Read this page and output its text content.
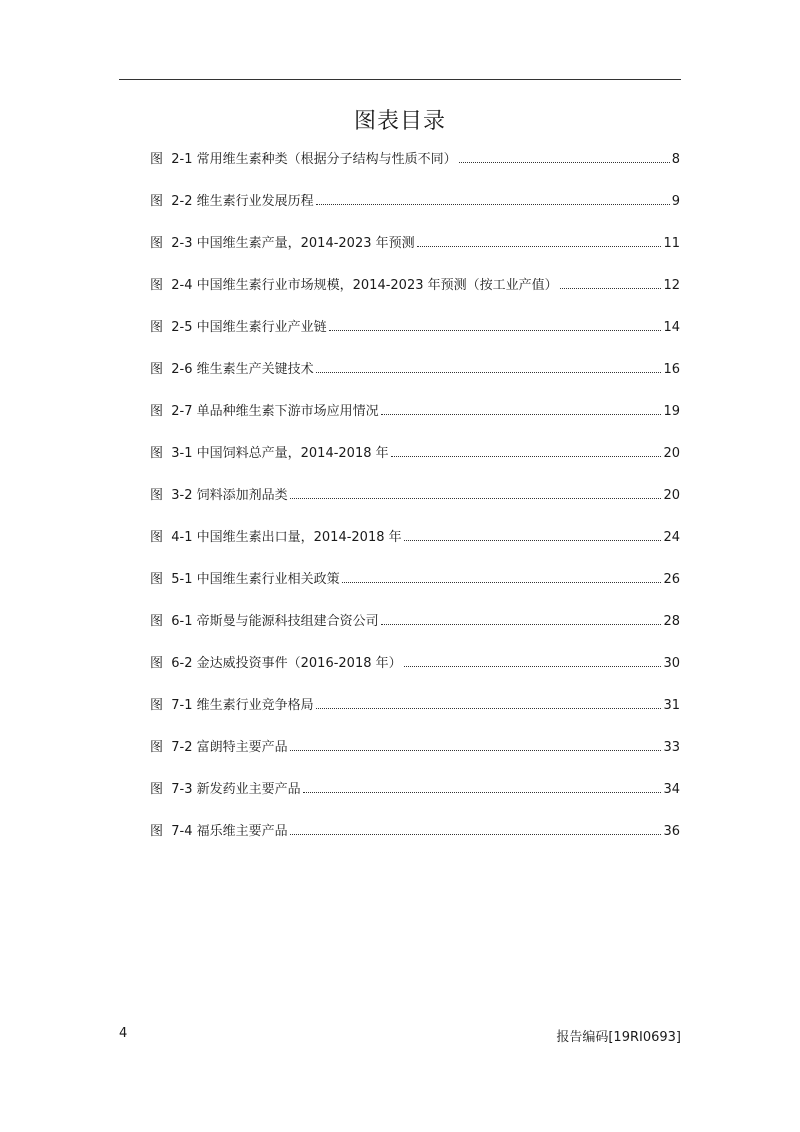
图表目录
图  2-1 常用维生素种类（根据分子结构与性质不同）	8
图  2-2 维生素行业发展历程	9
图  2-3 中国维生素产量，2014-2023 年预测	11
图  2-4 中国维生素行业市场规模，2014-2023 年预测（按工业产值）	12
图  2-5 中国维生素行业产业链	14
图  2-6 维生素生产关键技术	16
图  2-7 单品种维生素下游市场应用情况	19
图  3-1 中国饲料总产量，2014-2018 年	20
图  3-2 饲料添加剂品类	20
图  4-1 中国维生素出口量，2014-2018 年	24
图  5-1 中国维生素行业相关政策	26
图  6-1 帝斯曼与能源科技组建合资公司	28
图  6-2 金达威投资事件（2016-2018 年）	30
图  7-1 维生素行业竞争格局	31
图  7-2 富朗特主要产品	33
图  7-3 新发药业主要产品	34
图  7-4 福乐维主要产品	36
4	报告编码[19RI0693]
